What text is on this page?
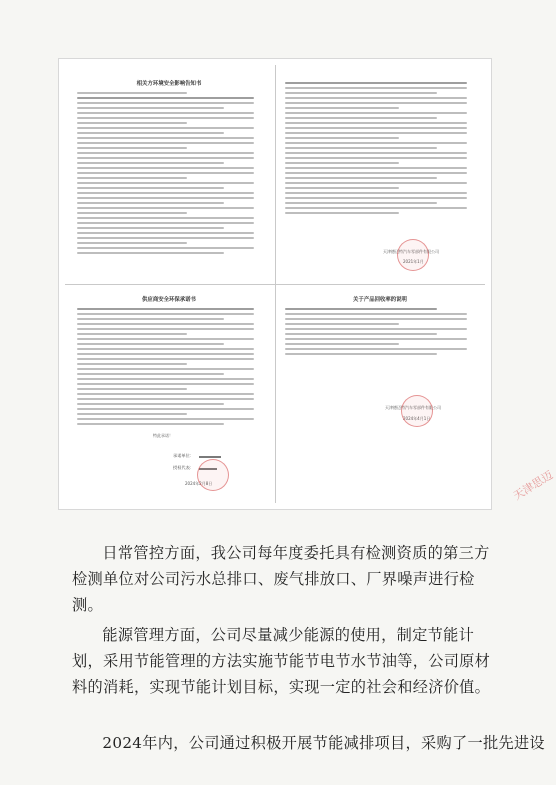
相关方环境安全影响告知书
天津德迈特汽车零部件有限公司
2021年1月
供应商安全环保承诺书
特此承诺！
承诺单位：
授权代表：
2024年2月8日
关于产品回收率的说明
天津德迈特汽车零部件有限公司
2024年4月1日
天津思迈

日常管控方面，我公司每年度委托具有检测资质的第三方检测单位对公司污水总排口、废气排放口、厂界噪声进行检测。

能源管理方面，公司尽量减少能源的使用，制定节能计划，采用节能管理的方法实施节能节电节水节油等，公司原材料的消耗，实现节能计划目标，实现一定的社会和经济价值。

2024年内，公司通过积极开展节能减排项目，采购了一批先进设
